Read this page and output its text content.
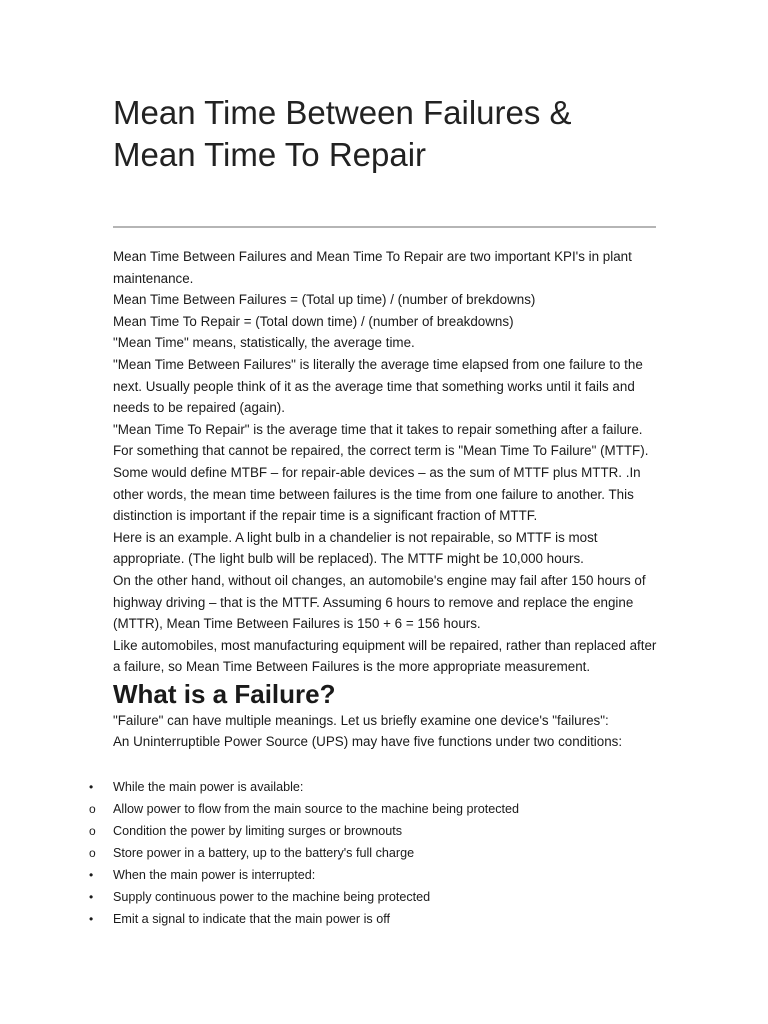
Mean Time Between Failures &
Mean Time To Repair

Mean Time Between Failures and Mean Time To Repair are two important KPI's in plant maintenance.

Mean Time Between Failures = (Total up time) / (number of brekdowns)

Mean Time To Repair = (Total down time) / (number of breakdowns)

"Mean Time" means, statistically, the average time.

"Mean Time Between Failures" is literally the average time elapsed from one failure to the next. Usually people think of it as the average time that something works until it fails and needs to be repaired (again).

"Mean Time To Repair" is the average time that it takes to repair something after a failure.

For something that cannot be repaired, the correct term is "Mean Time To Failure" (MTTF).

Some would define MTBF – for repair-able devices – as the sum of MTTF plus MTTR. .In other words, the mean time between failures is the time from one failure to another. This distinction is important if the repair time is a significant fraction of MTTF.

Here is an example. A light bulb in a chandelier is not repairable, so MTTF is most appropriate. (The light bulb will be replaced). The MTTF might be 10,000 hours.

On the other hand, without oil changes, an automobile's engine may fail after 150 hours of highway driving – that is the MTTF. Assuming 6 hours to remove and replace the engine (MTTR), Mean Time Between Failures is 150 + 6 = 156 hours.

Like automobiles, most manufacturing equipment will be repaired, rather than replaced after a failure, so Mean Time Between Failures is the more appropriate measurement.

What is a Failure?

"Failure" can have multiple meanings. Let us briefly examine one device's "failures":

An Uninterruptible Power Source (UPS) may have five functions under two conditions:

•	While the main power is available:
o	Allow power to flow from the main source to the machine being protected
o	Condition the power by limiting surges or brownouts
o	Store power in a battery, up to the battery's full charge
•	When the main power is interrupted:
•	Supply continuous power to the machine being protected
•	Emit a signal to indicate that the main power is off
